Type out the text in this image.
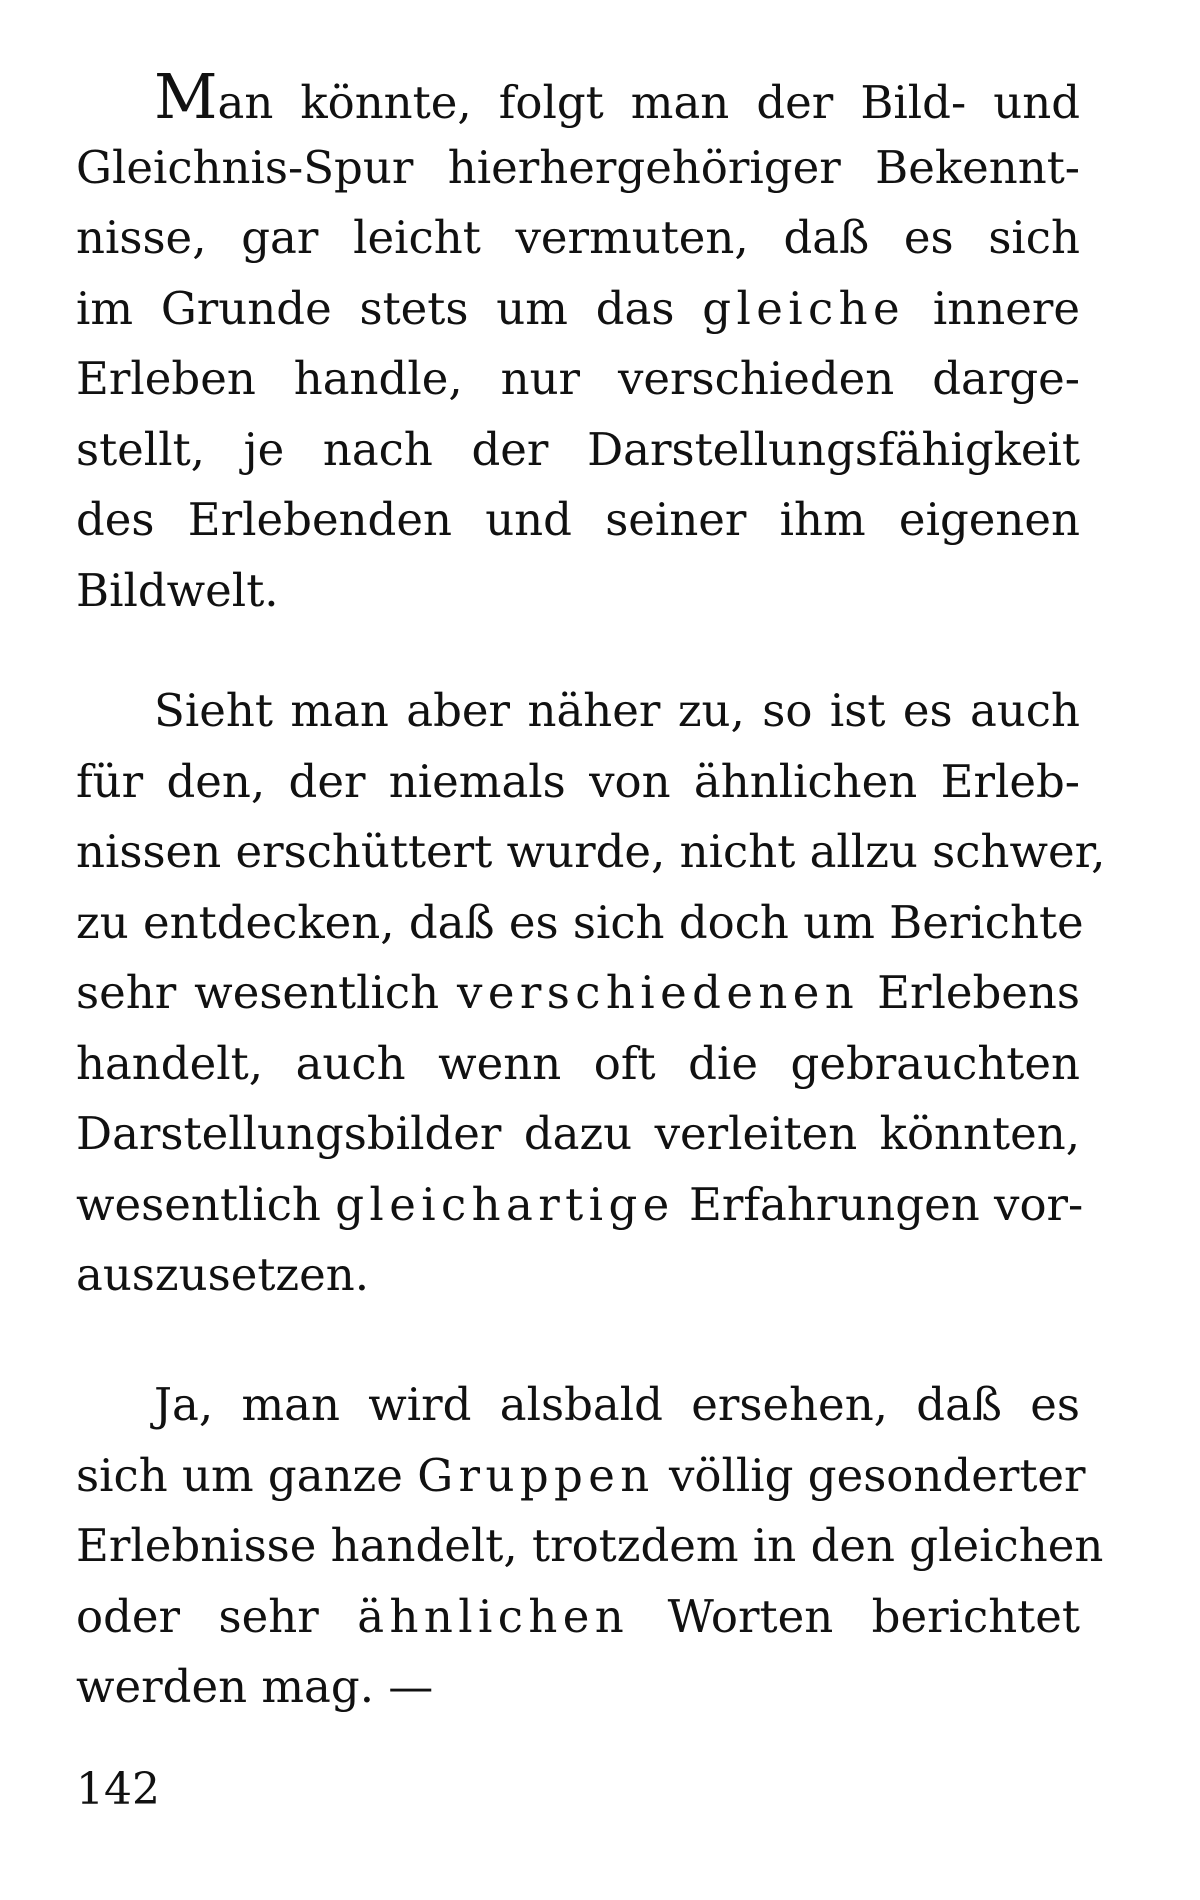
Man könnte, folgt man der Bild- und
Gleichnis-Spur hierhergehöriger Bekennt-
nisse, gar leicht vermuten, daß es sich
im Grunde stets um das gleiche innere
Erleben handle, nur verschieden darge-
stellt, je nach der Darstellungsfähigkeit
des Erlebenden und seiner ihm eigenen
Bildwelt.
Sieht man aber näher zu, so ist es auch
für den, der niemals von ähnlichen Erleb-
nissen erschüttert wurde, nicht allzu schwer,
zu entdecken, daß es sich doch um Berichte
sehr wesentlich verschiedenen Erlebens
handelt, auch wenn oft die gebrauchten
Darstellungsbilder dazu verleiten könnten,
wesentlich gleichartige Erfahrungen vor-
auszusetzen.
Ja, man wird alsbald ersehen, daß es
sich um ganze Gruppen völlig gesonderter
Erlebnisse handelt, trotzdem in den gleichen
oder sehr ähnlichen Worten berichtet
werden mag. —
142
